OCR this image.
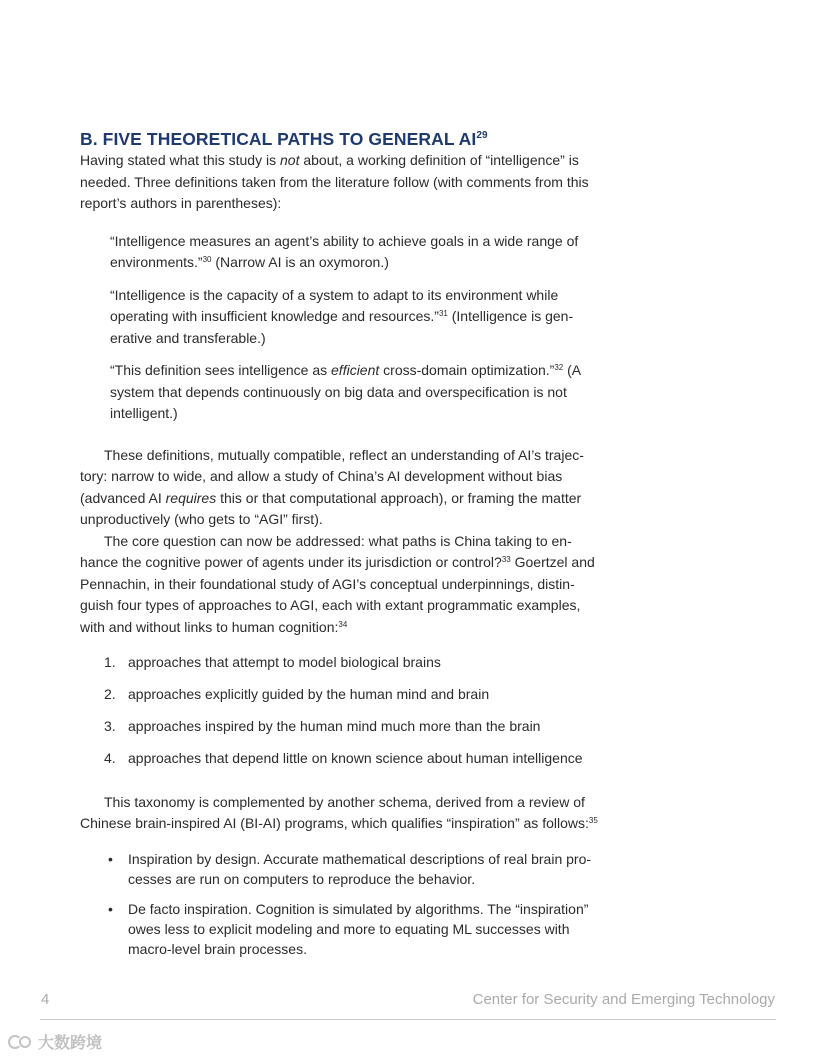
B. FIVE THEORETICAL PATHS TO GENERAL AI$^{29}$

Having stated what this study is not about, a working definition of “intelligence” is needed. Three definitions taken from the literature follow (with comments from this report’s authors in parentheses):

“Intelligence measures an agent’s ability to achieve goals in a wide range of environments.”$^{30}$ (Narrow AI is an oxymoron.)

“Intelligence is the capacity of a system to adapt to its environment while operating with insufficient knowledge and resources.”$^{31}$ (Intelligence is generative and transferable.)

“This definition sees intelligence as efficient cross-domain optimization.”$^{32}$ (A system that depends continuously on big data and overspecification is not intelligent.)

These definitions, mutually compatible, reflect an understanding of AI’s trajectory: narrow to wide, and allow a study of China’s AI development without bias (advanced AI requires this or that computational approach), or framing the matter unproductively (who gets to “AGI” first).

The core question can now be addressed: what paths is China taking to enhance the cognitive power of agents under its jurisdiction or control?$^{33}$ Goertzel and Pennachin, in their foundational study of AGI’s conceptual underpinnings, distinguish four types of approaches to AGI, each with extant programmatic examples, with and without links to human cognition:$^{34}$

1. approaches that attempt to model biological brains
2. approaches explicitly guided by the human mind and brain
3. approaches inspired by the human mind much more than the brain
4. approaches that depend little on known science about human intelligence

This taxonomy is complemented by another schema, derived from a review of Chinese brain-inspired AI (BI-AI) programs, which qualifies “inspiration” as follows:$^{35}$

•	Inspiration by design. Accurate mathematical descriptions of real brain processes are run on computers to reproduce the behavior.
•	De facto inspiration. Cognition is simulated by algorithms. The “inspiration” owes less to explicit modeling and more to equating ML successes with macro-level brain processes.
4	Center for Security and Emerging Technology
大数跨境
